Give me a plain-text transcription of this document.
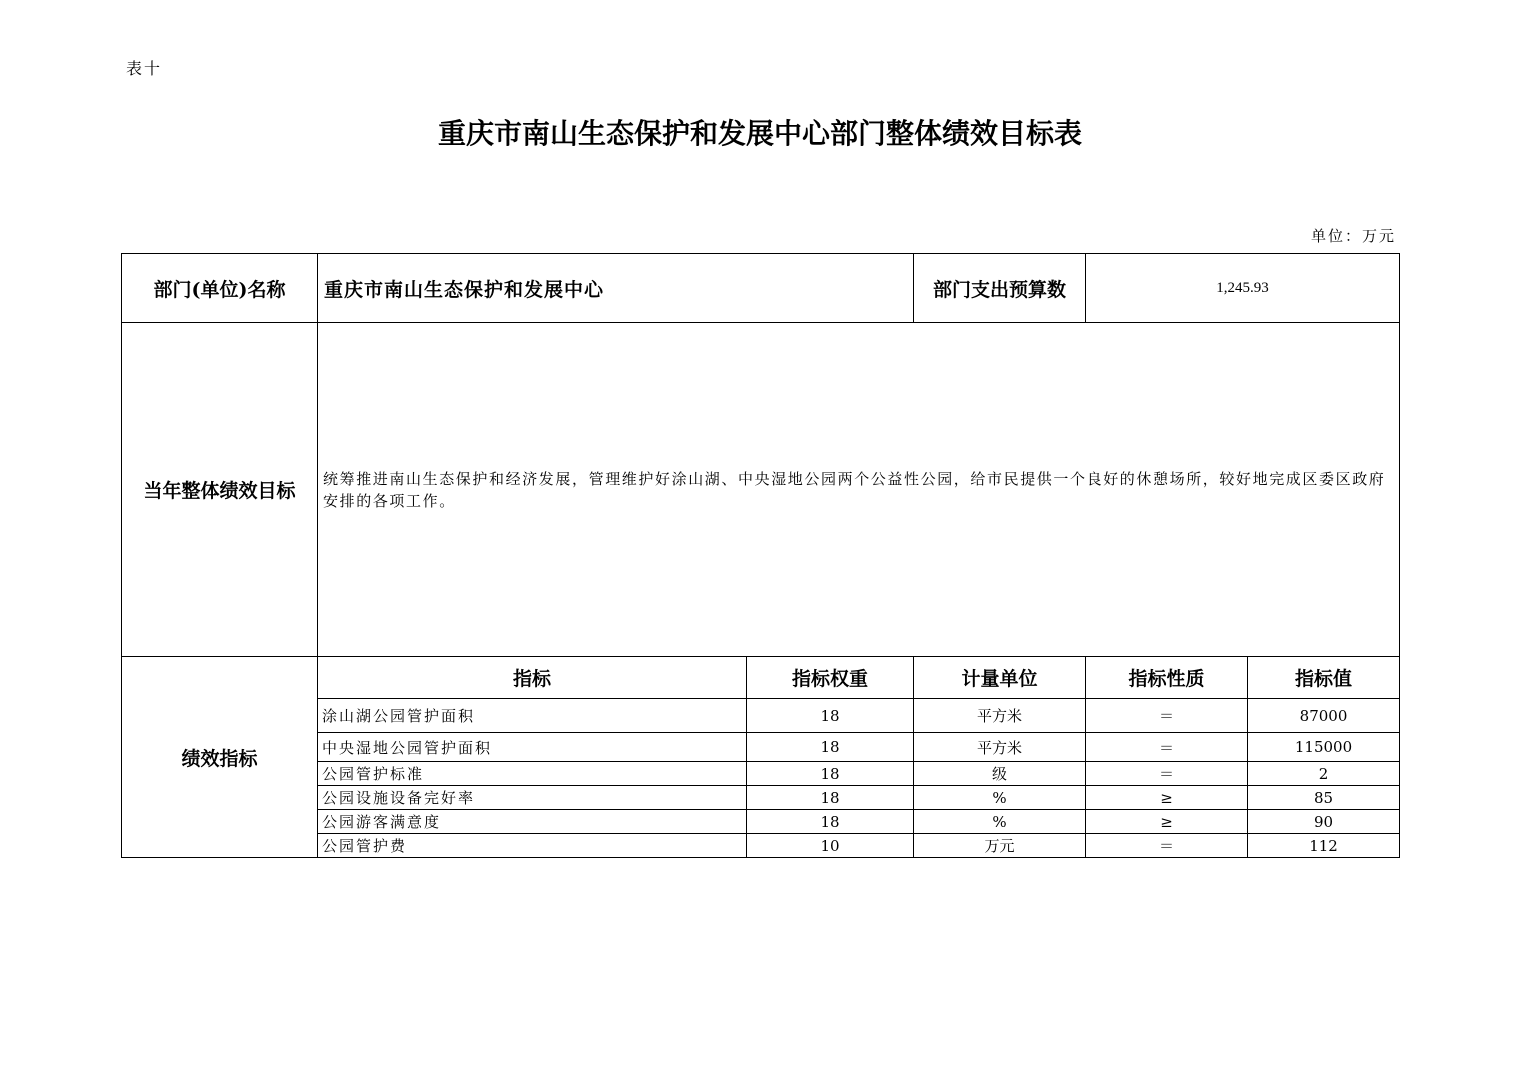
表十
重庆市南山生态保护和发展中心部门整体绩效目标表
单位：万元
部门(单位)名称	重庆市南山生态保护和发展中心		部门支出预算数	1,245.93	
当年整体绩效目标	统筹推进南山生态保护和经济发展，管理维护好涂山湖、中央湿地公园两个公益性公园，给市民提供一个良好的休憩场所，较好地完成区委区政府安排的各项工作。				
绩效指标	指标	指标权重	计量单位	指标性质	指标值
	涂山湖公园管护面积	18	平方米	＝	87000
	中央湿地公园管护面积	18	平方米	＝	115000
	公园管护标准	18	级	＝	2
	公园设施设备完好率	18	%	≥	85
	公园游客满意度	18	%	≥	90
	公园管护费	10	万元	＝	112
